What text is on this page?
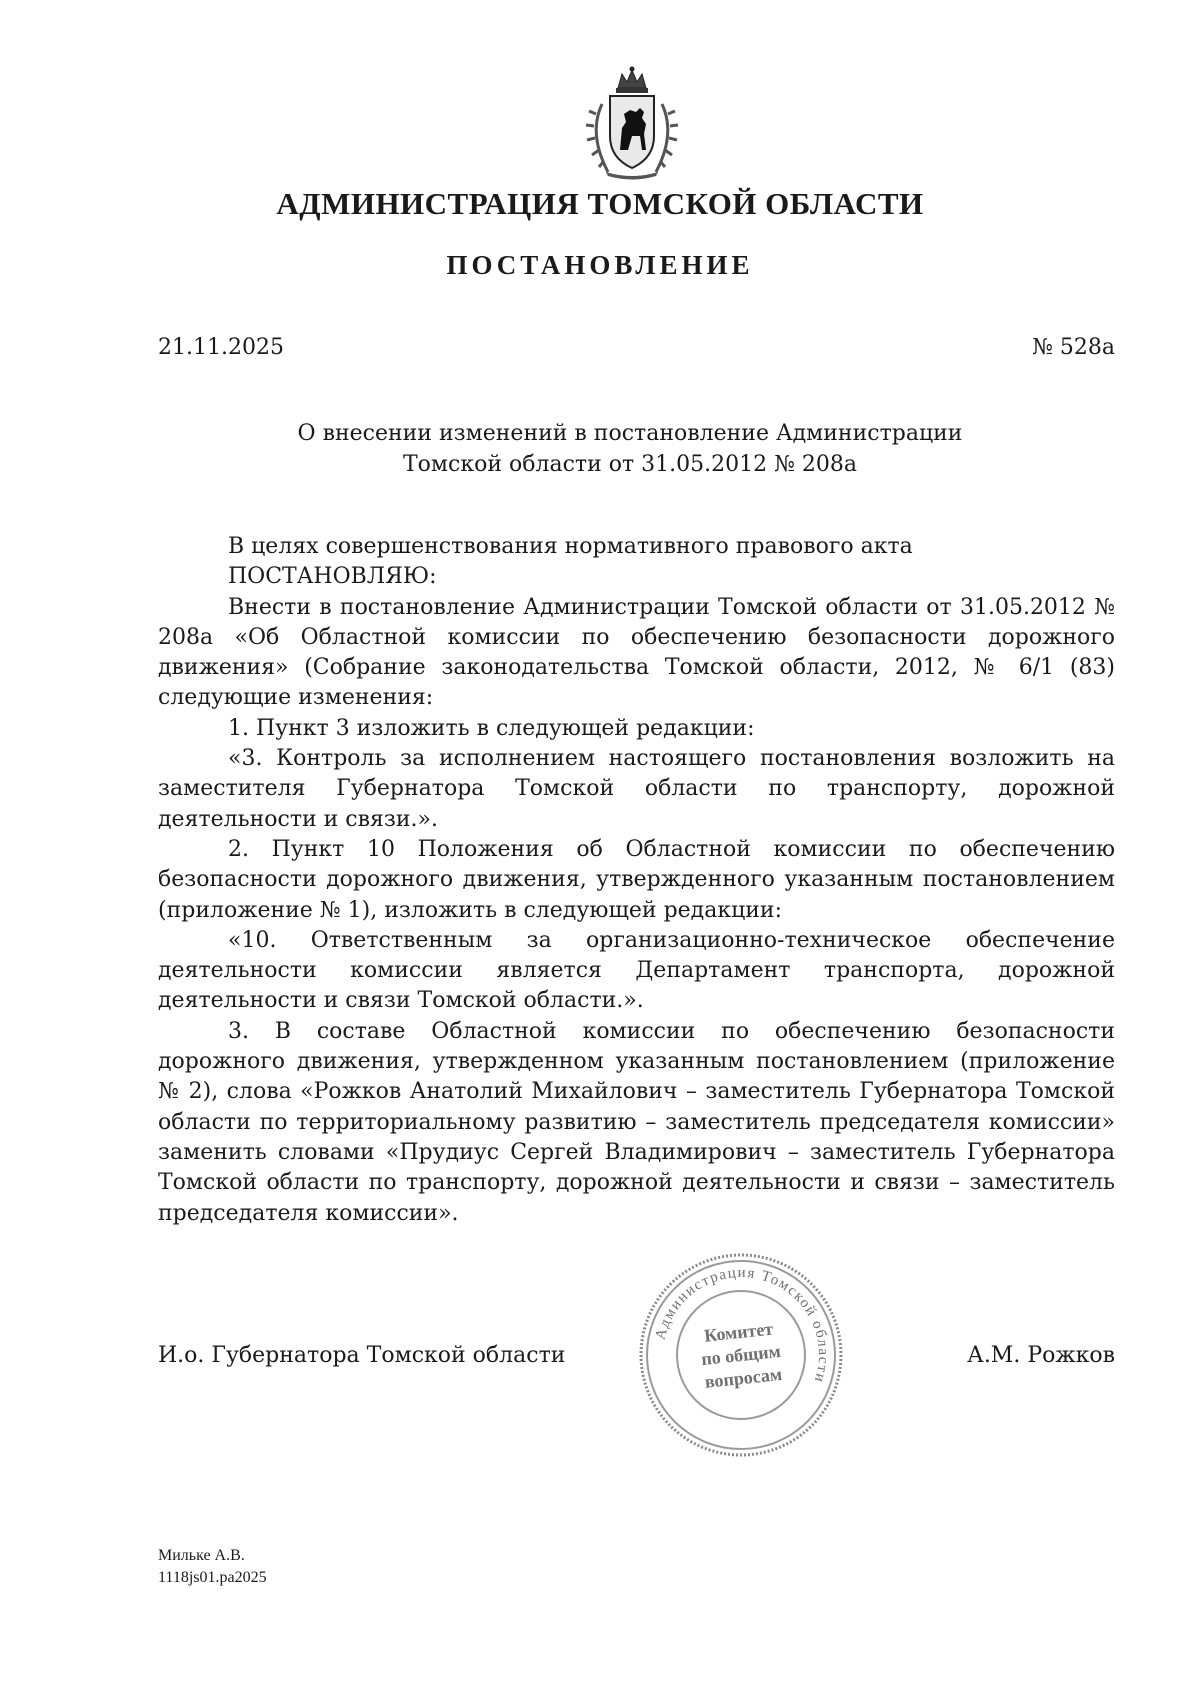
АДМИНИСТРАЦИЯ ТОМСКОЙ ОБЛАСТИ
ПОСТАНОВЛЕНИЕ
21.11.2025	№ 528а
О внесении изменений в постановление Администрации
Томской области от 31.05.2012 № 208а

В целях совершенствования нормативного правового акта

ПОСТАНОВЛЯЮ:

Внести в постановление Администрации Томской области от 31.05.2012 № 208а «Об Областной комиссии по обеспечению безопасности дорожного движения» (Собрание законодательства Томской области, 2012, № 6/1 (83) следующие изменения:

1. Пункт 3 изложить в следующей редакции:

«3. Контроль за исполнением настоящего постановления возложить на заместителя Губернатора Томской области по транспорту, дорожной деятельности и связи.».

2. Пункт 10 Положения об Областной комиссии по обеспечению безопасности дорожного движения, утвержденного указанным постановлением (приложение № 1), изложить в следующей редакции:

«10. Ответственным за организационно-техническое обеспечение деятельности комиссии является Департамент транспорта, дорожной деятельности и связи Томской области.».

3. В составе Областной комиссии по обеспечению безопасности дорожного движения, утвержденном указанным постановлением (приложение № 2), слова «Рожков Анатолий Михайлович – заместитель Губернатора Томской области по территориальному развитию – заместитель председателя комиссии» заменить словами «Прудиус Сергей Владимирович – заместитель Губернатора Томской области по транспорту, дорожной деятельности и связи – заместитель председателя комиссии».

И.о. Губернатора Томской области
Администрация Томской области
Комитет
по общим
вопросам
А.М. Рожков
Мильке А.В.
1118js01.pa2025
